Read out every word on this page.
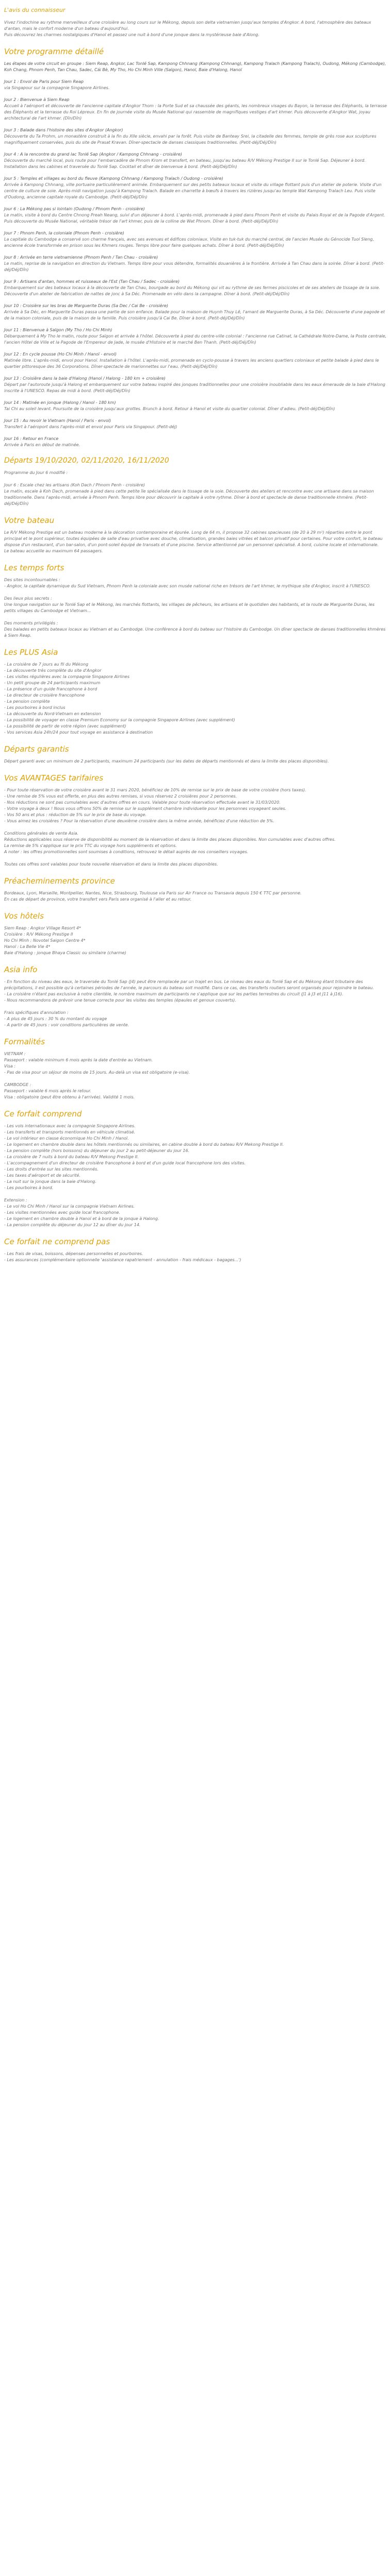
L'avis du connaisseur
Vivez l'indochine au rythme merveilleux d'une croisière au long cours sur le Mékong, depuis son delta vietnamien jusqu'aux temples d'Angkor. A bord, l'atmosphère des bateaux d'antan, mais le confort moderne d'un bateau d'aujourd'hui.
Puis découvrez les charmes nostalgiques d'Hanoï et passez une nuit à bord d'une jonque dans la mystérieuse baie d'Along.
Votre programme détaillé
Les étapes de votre circuit en groupe : Siem Reap, Angkor, Lac Tonlé Sap, Kampong Chhnang (Kampong Chhnang), Kampong Tralach (Kampong Tralach), Oudong, Mékong (Cambodge), Koh Chang, Phnom Penh, Tan Chau, Sadec, Cái Bè, My Tho, Ho Chi Minh Ville (Saïgon), Hanoï, Baie d'Halong, Hanoï
Jour 1 : Envol de Paris pour Siem Reap
via Singapour sur la compagnie Singapore Airlines.
Jour 2 : Bienvenue à Siem Reap
Accueil à l'aéroport et découverte de l'ancienne capitale d'Angkor Thom : la Porte Sud et sa chaussée des géants, les nombreux visages du Bayon, la terrasse des Éléphants, la terrasse des Éléphants et la terrasse du Roi Lépreux. En fin de journée visite du Musée National qui rassemble de magnifiques vestiges d'art khmer. Puis découverte d'Angkor Wat, joyau architectural de l'art khmer. (Dîn/Dîn)
Jour 3 : Balade dans l'histoire des sites d'Angkor (Angkor)
Découverte du Ta Prohm, un monastère construit à la fin du XIIe siècle, envahi par la forêt. Puis visite de Banteay Srei, la citadelle des femmes, temple de grès rose aux sculptures magnifiquement conservées, puis du site de Prasat Kravan. Dîner-spectacle de danses classiques traditionnelles. (Petit-déj/Déj/Dîn)
Jour 4 : A la rencontre du grand lac Tonlé Sap (Angkor / Kampong Chhnang - croisière)
Découverte du marché local, puis route pour l'embarcadère de Phnom Krom et transfert, en bateau, jusqu'au bateau R/V Mékong Prestige II sur le Tonlé Sap. Déjeuner à bord. Installation dans les cabines et traversée du Tonlé Sap. Cocktail et dîner de bienvenue à bord. (Petit-déj/Déj/Dîn)
Jour 5 : Temples et villages au bord du fleuve (Kampong Chhnang / Kampong Tralach / Oudong - croisière)
Arrivée à Kampong Chhnang, ville portuaire particulièrement animée. Embarquement sur des petits bateaux locaux et visite du village flottant puis d'un atelier de poterie. Visite d'un centre de culture de soie. Après-midi navigation jusqu'à Kampong Tralach. Balade en charrette à bœufs à travers les rizières jusqu'au temple Wat Kampong Tralach Leu. Puis visite d'Oudong, ancienne capitale royale du Cambodge. (Petit-déj/Déj/Dîn)
Jour 6 : La Mékong pas si lointain (Oudong / Phnom Penh - croisière)
Le matin, visite à bord du Centre Chnong Preah Neang, suivi d'un déjeuner à bord. L'après-midi, promenade à pied dans Phnom Penh et visite du Palais Royal et de la Pagode d'Argent. Puis découverte du Musée National, véritable trésor de l'art khmer, puis de la colline de Wat Phnom. Dîner à bord. (Petit-déj/Déj/Dîn)
Jour 7 : Phnom Penh, la coloniale (Phnom Penh - croisière)
La capitale du Cambodge a conservé son charme français, avec ses avenues et édifices coloniaux. Visite en tuk-tuk du marché central, de l'ancien Musée du Génocide Tuol Sleng, ancienne école transformée en prison sous les Khmers rouges. Temps libre pour faire quelques achats. Dîner à bord. (Petit-déj/Déj/Dîn)
Jour 8 : Arrivée en terre vietnamienne (Phnom Penh / Tan Chau - croisière)
Le matin, reprise de la navigation en direction du Vietnam. Temps libre pour vous détendre, formalités douanières à la frontière. Arrivée à Tan Chau dans la soirée. Dîner à bord. (Petit-déj/Déj/Dîn)
Jour 9 : Artisans d'antan, hommes et ruisseaux de l'Est (Tan Chau / Sadec - croisière)
Embarquement sur des bateaux locaux à la découverte de Tan Chau, bourgade au bord du Mékong qui vit au rythme de ses fermes piscicoles et de ses ateliers de tissage de la soie. Découverte d'un atelier de fabrication de nattes de jonc à Sa Déc. Promenade en vélo dans la campagne. Dîner à bord. (Petit-déj/Déj/Dîn)
Jour 10 : Croisière sur les bras de Marguerite Duras (Sa Dec / Cai Be - croisière)
Arrivée à Sa Déc, en Marguerite Duras passa une partie de son enfance. Balade pour la maison de Huynh Thuy Lê, l'amant de Marguerite Duras, à Sa Déc. Découverte d'une pagode et de la maison coloniale, puis de la maison de la famille. Puis croisière jusqu'à Cai Be. Dîner à bord. (Petit-déj/Déj/Dîn)
Jour 11 : Bienvenue à Saïgon (My Tho / Ho Chi Minh)
Débarquement à My Tho le matin, route pour Saïgon et arrivée à l'hôtel. Découverte à pied du centre-ville colonial : l'ancienne rue Catinat, la Cathédrale Notre-Dame, la Poste centrale, l'ancien Hôtel de Ville et la Pagode de l'Empereur de Jade, le musée d'Histoire et le marché Ben Thanh. (Petit-déj/Déj/Dîn)
Jour 12 : En cycle pousse (Ho Chi Minh / Hanoï - envol)
Matinée libre. L'après-midi, envol pour Hanoï. Installation à l'hôtel. L'après-midi, promenade en cyclo-pousse à travers les anciens quartiers coloniaux et petite balade à pied dans le quartier pittoresque des 36 Corporations. Dîner-spectacle de marionnettes sur l'eau. (Petit-déj/Déj/Dîn)
Jour 13 : Croisière dans la baie d'Halong (Hanoï / Halong - 180 km + croisière)
Départ par l'autoroute jusqu'à Halong et embarquement sur votre bateau inspiré des jonques traditionnelles pour une croisière inoubliable dans les eaux émeraude de la baie d'Halong inscrite à l'UNESCO. Repas de midi à bord. (Petit-déj/Déj/Dîn)
Jour 14 : Matinée en jonque (Halong / Hanoï - 180 km)
Tai Chi au soleil levant. Poursuite de la croisière jusqu'aux grottes. Brunch à bord. Retour à Hanoï et visite du quartier colonial. Dîner d'adieu. (Petit-déj/Déj/Dîn)
Jour 15 : Au revoir le Vietnam (Hanoï / Paris - envol)
Transfert à l'aéroport dans l'après-midi et envol pour Paris via Singapour. (Petit-déj)
Jour 16 : Retour en France
Arrivée à Paris en début de matinée.
Départs 19/10/2020, 02/11/2020, 16/11/2020
Programme du Jour 6 modifié :

Jour 6 : Escale chez les artisans (Koh Dach / Phnom Penh - croisière)
Le matin, escale à Koh Dach, promenade à pied dans cette petite île spécialisée dans le tissage de la soie. Découverte des ateliers et rencontre avec une artisane dans sa maison traditionnelle. Dans l'après-midi, arrivée à Phnom Penh. Temps libre pour découvrir la capitale à votre rythme. Dîner à bord et spectacle de danse traditionnelle khmère. (Petit-déj/Déj/Dîn)
Votre bateau
Le R/V Mékong Prestige est un bateau moderne à la décoration contemporaine et épurée. Long de 64 m, il propose 32 cabines spacieuses (de 20 à 29 m²) réparties entre le pont principal et le pont supérieur, toutes équipées de salle d'eau privative avec douche, climatisation, grandes baies vitrées et balcon privatif pour certaines. Pour votre confort, le bateau dispose d'un restaurant, d'un bar-salon, d'un pont-soleil équipé de transats et d'une piscine. Service attentionné par un personnel spécialisé. A bord, cuisine locale et internationale.
Le bateau accueille au maximum 64 passagers.
Les temps forts
Des sites incontournables :
- Angkor, la capitale dynamique du Sud Vietnam, Phnom Penh la coloniale avec son musée national riche en trésors de l'art khmer, le mythique site d'Angkor, inscrit à l'UNESCO.

Des lieux plus secrets :
Une longue navigation sur le Tonlé Sap et le Mékong, les marchés flottants, les villages de pêcheurs, les artisans et le quotidien des habitants, et la route de Marguerite Duras, les petits villages du Cambodge et Vietnam...

Des moments privilégiés :
Des balades en petits bateaux locaux au Vietnam et au Cambodge. Une conférence à bord du bateau sur l'histoire du Cambodge. Un dîner spectacle de danses traditionnelles khmères à Siem Reap.
Les PLUS Asia
- La croisière de 7 jours au fil du Mékong
- La découverte très complète du site d'Angkor
- Les visites régulières avec la compagnie Singapore Airlines
- Un petit groupe de 24 participants maximum
- La présence d'un guide francophone à bord
- Le directeur de croisière francophone
- La pension complète
- Les pourboires à bord inclus
- La découverte du Nord-Vietnam en extension
- La possibilité de voyager en classe Premium Economy sur la compagnie Singapore Airlines (avec supplément)
- La possibilité de partir de votre région (avec supplément)
- Vos services Asia 24h/24 pour tout voyage en assistance à destination
Départs garantis
Départ garanti avec un minimum de 2 participants, maximum 24 participants (sur les dates de départs mentionnés et dans la limite des places disponibles).
Vos AVANTAGES tarifaires
- Pour toute réservation de votre croisière avant le 31 mars 2020, bénéficiez de 10% de remise sur le prix de base de votre croisière (hors taxes).
- Une remise de 5% vous est offerte, en plus des autres remises, si vous réservez 2 croisières pour 2 personnes.
- Nos réductions ne sont pas cumulables avec d'autres offres en cours. Valable pour toute réservation effectuée avant le 31/03/2020.
- Votre voyage à deux ! Nous vous offrons 50% de remise sur le supplément chambre individuelle pour les personnes voyageant seules.
- Vos 50 ans et plus : réduction de 5% sur le prix de base du voyage.
- Vous aimez les croisières ? Pour la réservation d'une deuxième croisière dans la même année, bénéficiez d'une réduction de 5%.

Conditions générales de vente Asia.
Réductions applicables sous réserve de disponibilité au moment de la réservation et dans la limite des places disponibles. Non cumulables avec d'autres offres.
La remise de 5% s'applique sur le prix TTC du voyage hors suppléments et options.
A noter : les offres promotionnelles sont soumises à conditions, retrouvez le détail auprès de nos conseillers voyages.

Toutes ces offres sont valables pour toute nouvelle réservation et dans la limite des places disponibles.
Préacheminements province
Bordeaux, Lyon, Marseille, Montpellier, Nantes, Nice, Strasbourg, Toulouse via Paris sur Air France ou Transavia depuis 150 € TTC par personne.
En cas de départ de province, votre transfert vers Paris sera organisé à l'aller et au retour.
Vos hôtels
Siem Reap : Angkor Village Resort 4*
Croisière : R/V Mékong Prestige II
Ho Chi Minh : Novotel Saigon Centre 4*
Hanoï : La Belle Vie 4*
Baie d'Halong : jonque Bhaya Classic ou similaire (charme)
Asia info
- En fonction du niveau des eaux, le traversée du Tonlé Sap (J4) peut être remplacée par un trajet en bus. Le niveau des eaux du Tonlé Sap et du Mékong étant tributaire des précipitations, il est possible qu'à certaines périodes de l'année, le parcours du bateau soit modifié. Dans ce cas, des transferts routiers seront organisés pour rejoindre le bateau.
- La croisière n'étant pas exclusive à notre clientèle, le nombre maximum de participants ne s'applique que sur les parties terrestres du circuit (J1 à J3 et J11 à J16).
- Nous recommandons de prévoir une tenue correcte pour les visites des temples (épaules et genoux couverts).

Frais spécifiques d'annulation :
- A plus de 45 jours : 30 % du montant du voyage
- A partir de 45 jours : voir conditions particulières de vente.
Formalités
VIETNAM :
Passeport : valable minimum 6 mois après la date d'entrée au Vietnam.
Visa :
- Pas de visa pour un séjour de moins de 15 jours. Au-delà un visa est obligatoire (e-visa).

CAMBODGE :
Passeport : valable 6 mois après le retour.
Visa : obligatoire (peut être obtenu à l'arrivée). Validité 1 mois.
Ce forfait comprend
- Les vols internationaux avec la compagnie Singapore Airlines.
- Les transferts et transports mentionnés en véhicule climatisé.
- Le vol intérieur en classe économique Ho Chi Minh / Hanoï.
- Le logement en chambre double dans les hôtels mentionnés ou similaires, en cabine double à bord du bateau R/V Mekong Prestige II.
- La pension complète (hors boissons) du déjeuner du jour 2 au petit-déjeuner du jour 16.
- La croisière de 7 nuits à bord du bateau R/V Mekong Prestige II.
- L'accompagnement d'un directeur de croisière francophone à bord et d'un guide local francophone lors des visites.
- Les droits d'entrée sur les sites mentionnés.
- Les taxes d'aéroport et de sécurité.
- La nuit sur la jonque dans la baie d'Halong.
- Les pourboires à bord.

Extension :
- Le vol Ho Chi Minh / Hanoï sur la compagnie Vietnam Airlines.
- Les visites mentionnées avec guide local francophone.
- Le logement en chambre double à Hanoï et à bord de la jonque à Halong.
- La pension complète du déjeuner du jour 12 au dîner du jour 14.
Ce forfait ne comprend pas
- Les frais de visas, boissons, dépenses personnelles et pourboires.
- Les assurances (complémentaire optionnelle 'assistance rapatriement - annulation - frais médicaux - bagages...')
